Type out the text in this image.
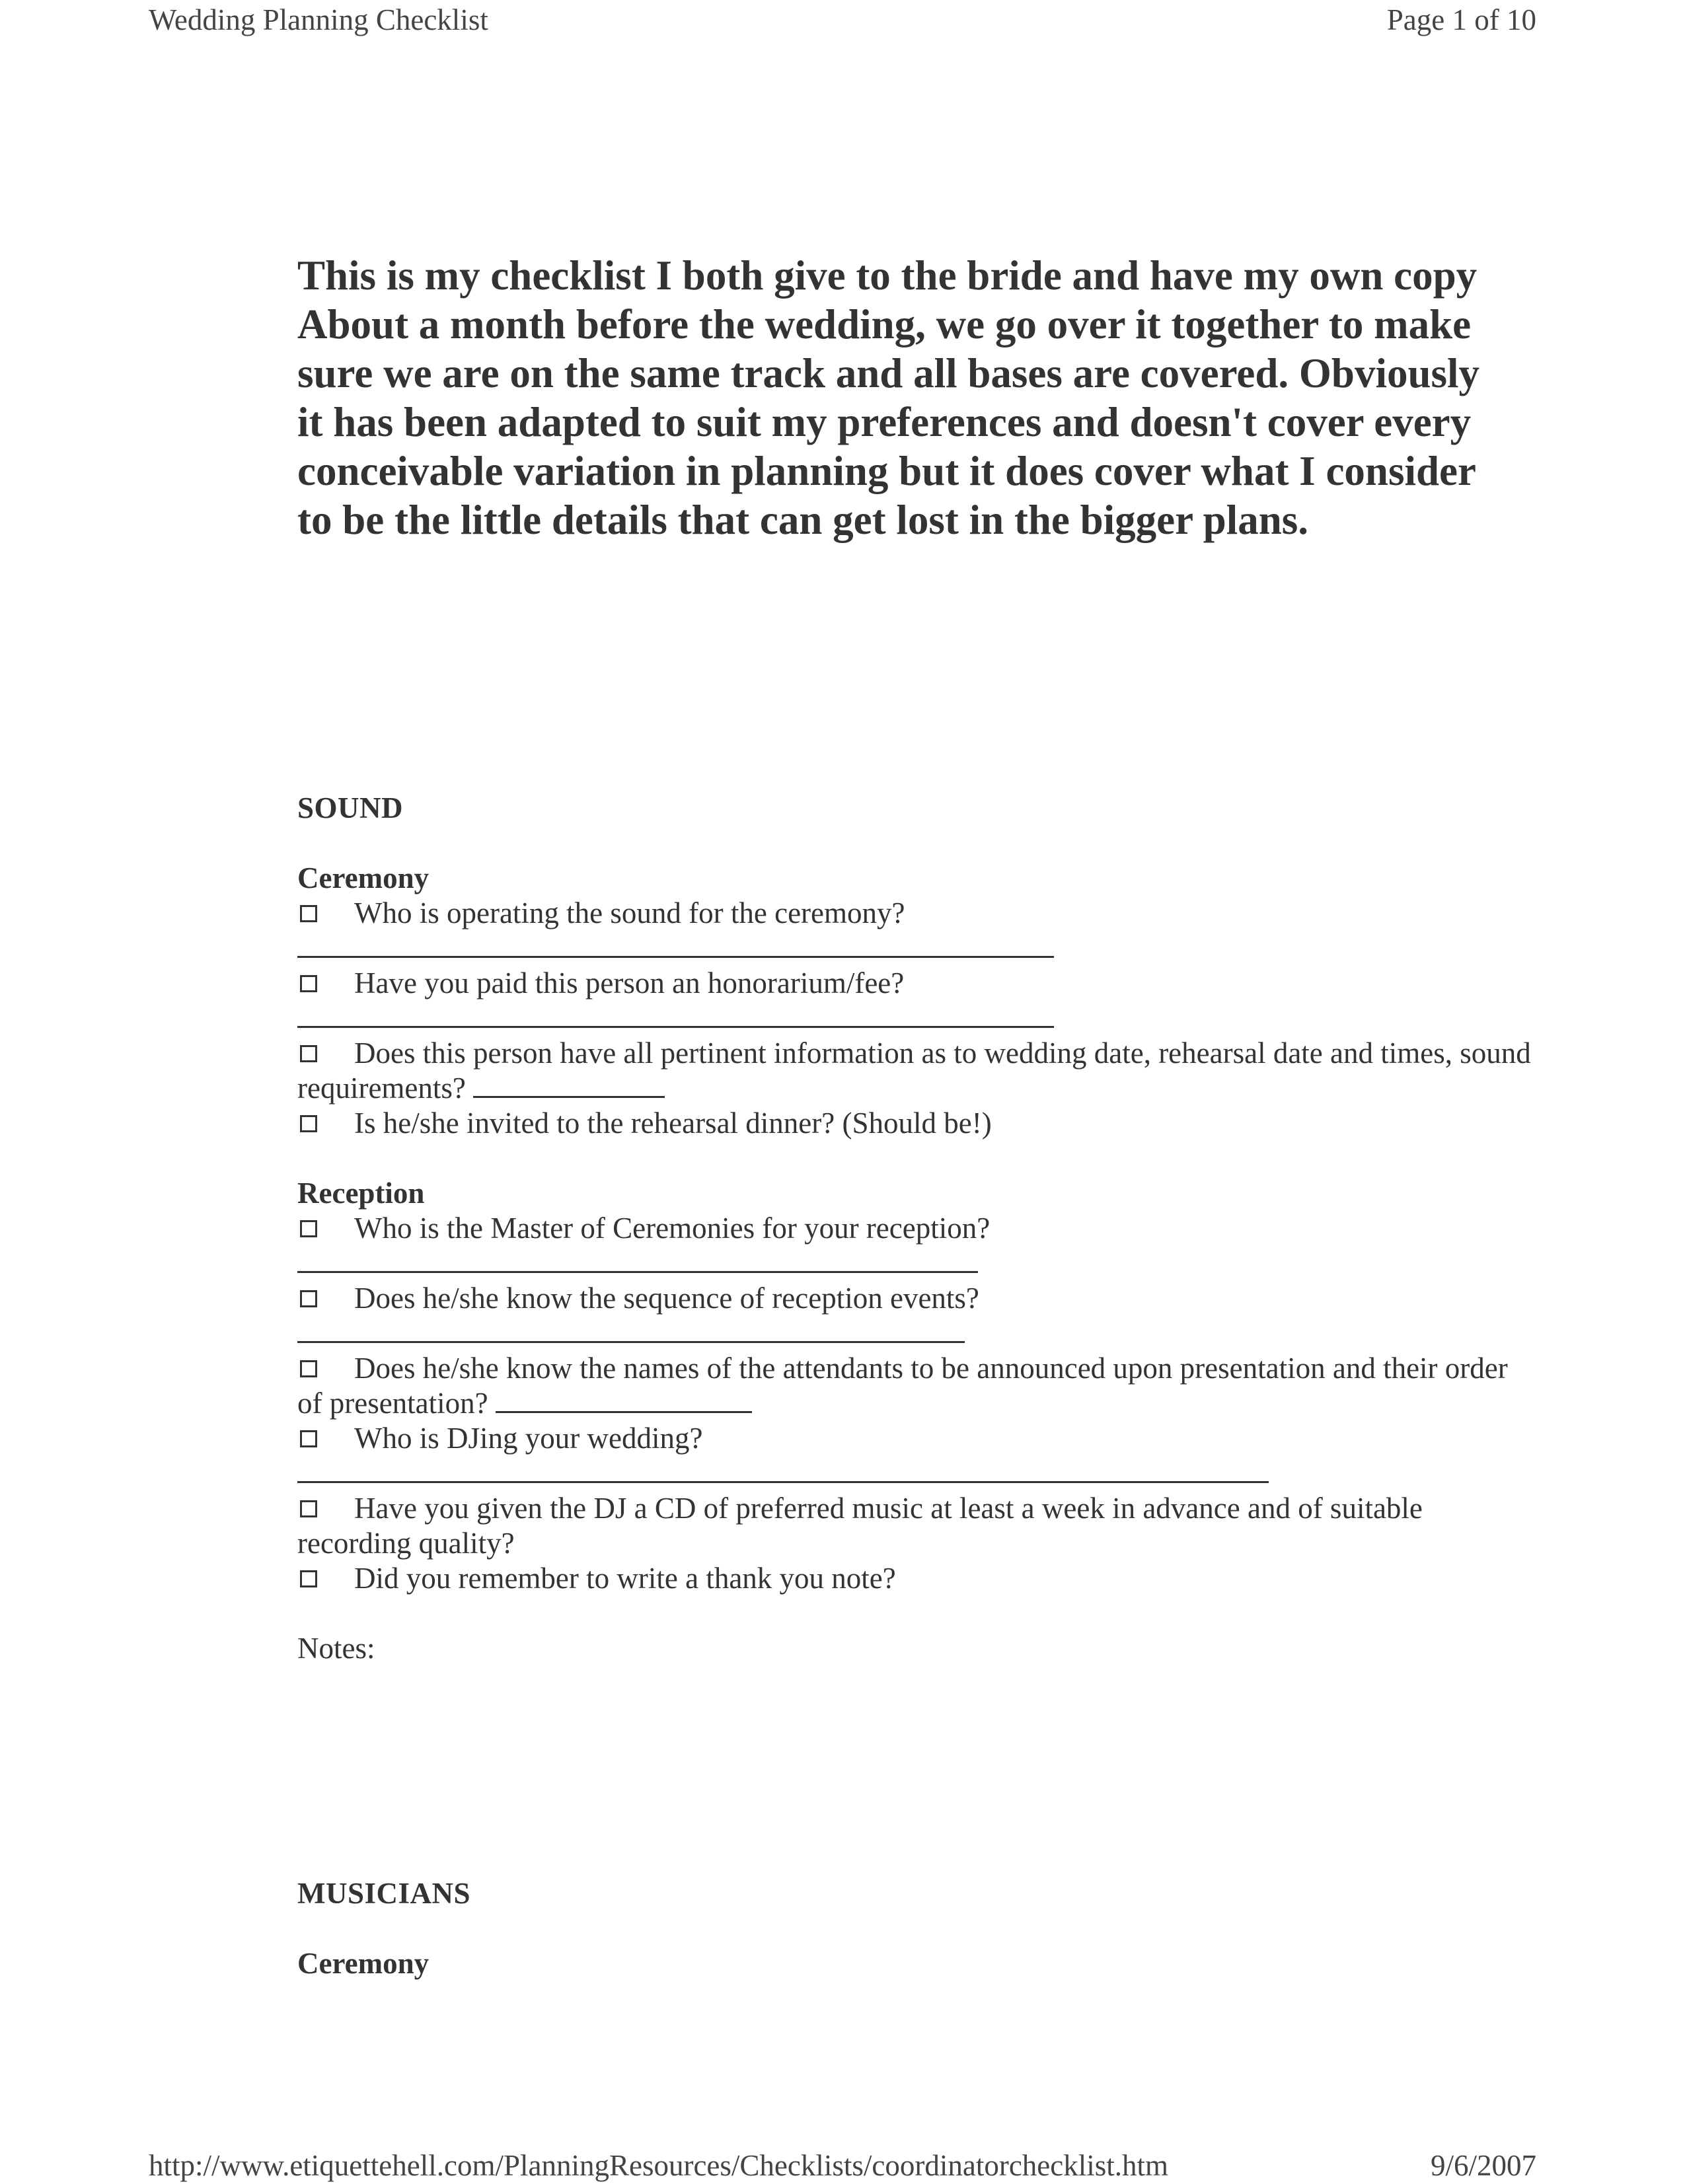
Wedding Planning Checklist	Page 1 of 10
This is my checklist I both give to the bride and have my own copy
About a month before the wedding, we go over it together to make
sure we are on the same track and all bases are covered. Obviously
it has been adapted to suit my preferences and doesn't cover every
conceivable variation in planning but it does cover what I consider
to be the little details that can get lost in the bigger plans.
SOUND
Ceremony
Who is operating the sound for the ceremony?
Have you paid this person an honorarium/fee?
Does this person have all pertinent information as to wedding date, rehearsal date and times, sound requirements?
Is he/she invited to the rehearsal dinner? (Should be!)
Reception
Who is the Master of Ceremonies for your reception?
Does he/she know the sequence of reception events?
Does he/she know the names of the attendants to be announced upon presentation and their order of presentation?
Who is DJing your wedding?
Have you given the DJ a CD of preferred music at least a week in advance and of suitable recording quality?
Did you remember to write a thank you note?
Notes:
MUSICIANS
Ceremony
http://www.etiquettehell.com/PlanningResources/Checklists/coordinatorchecklist.htm	9/6/2007
